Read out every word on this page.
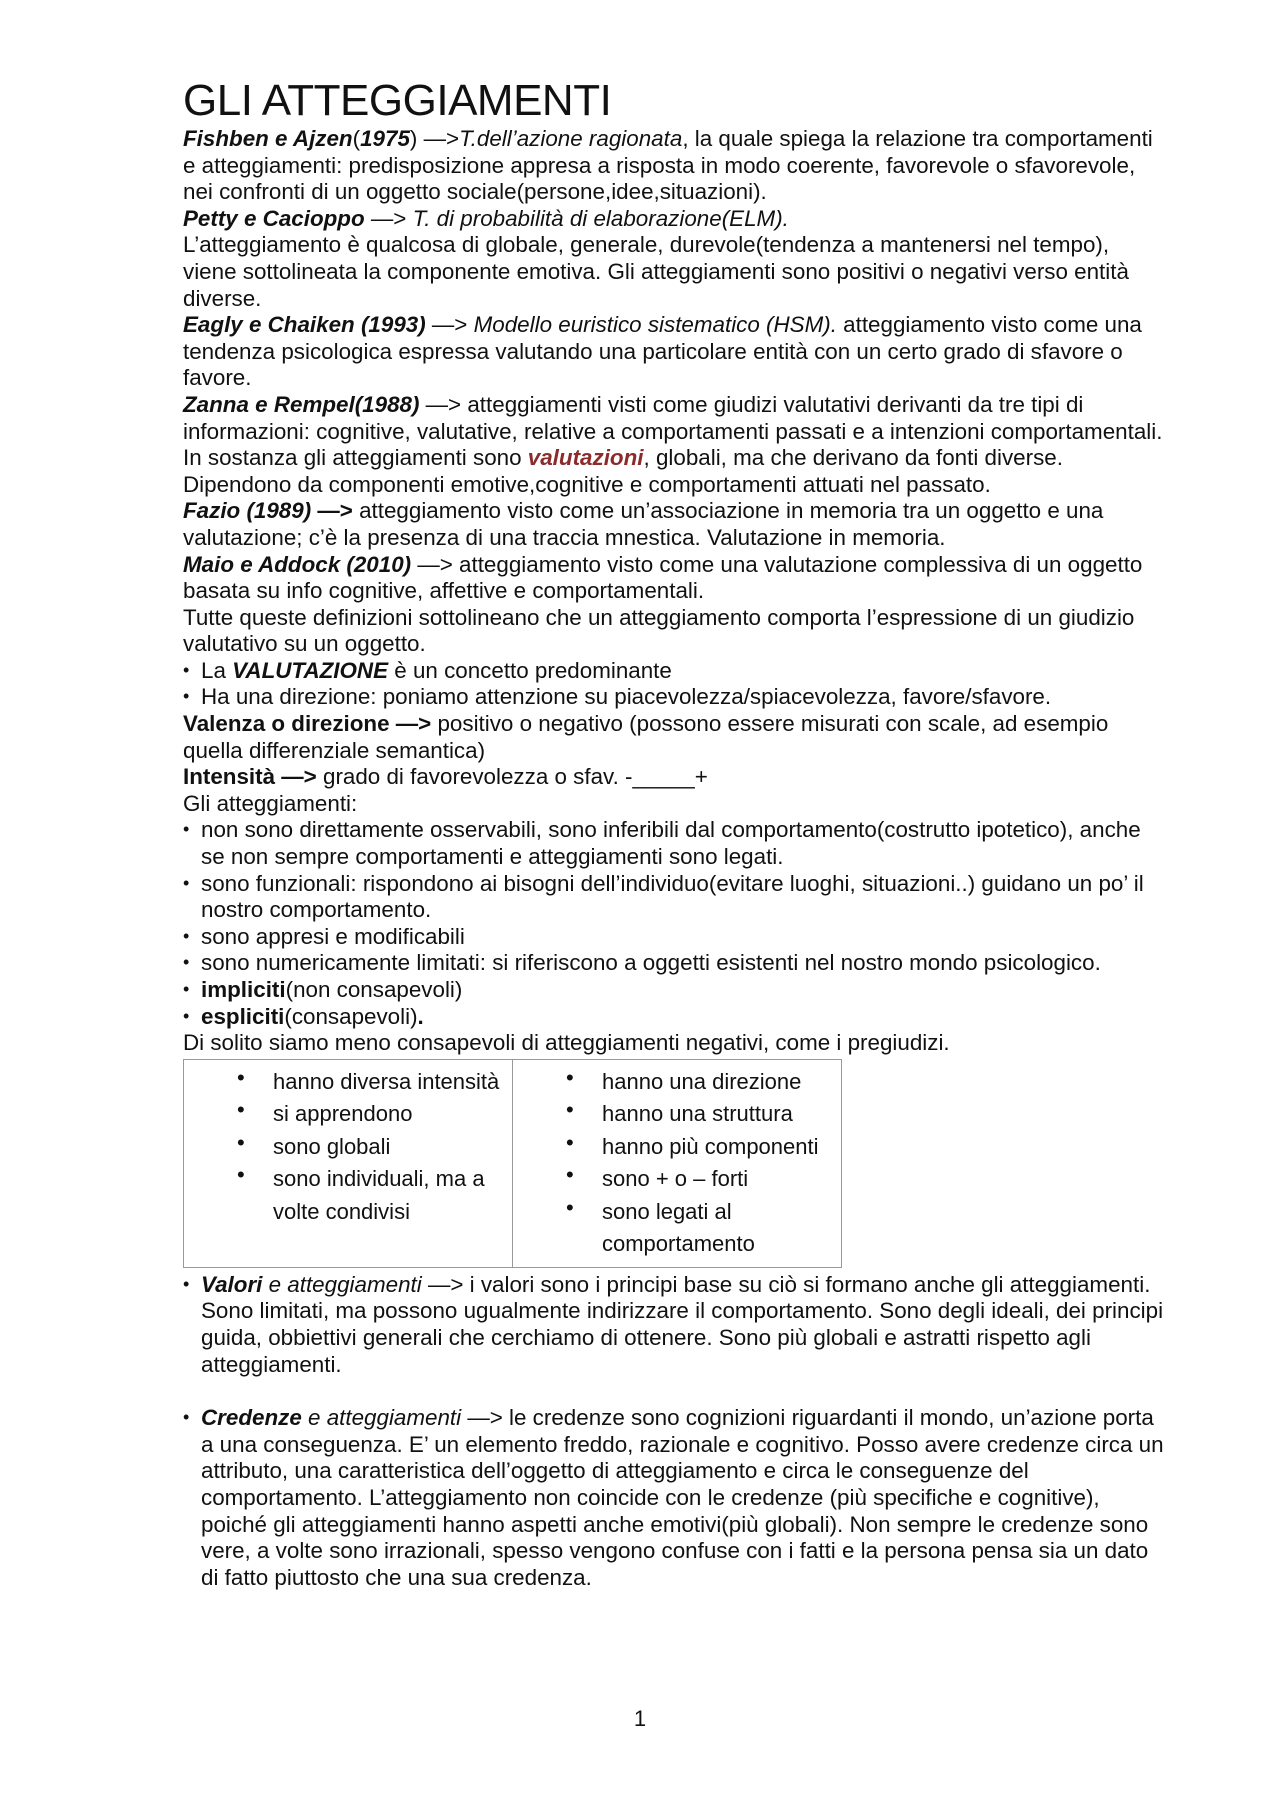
GLI ATTEGGIAMENTI

Fishben e Ajzen(1975) —>T.dell’azione ragionata, la quale spiega la relazione tra comportamenti e atteggiamenti: predisposizione appresa a risposta in modo coerente, favorevole o sfavorevole, nei confronti di un oggetto sociale(persone,idee,situazioni).

Petty e Cacioppo —> T. di probabilità di elaborazione(ELM).

L’atteggiamento è qualcosa di globale, generale, durevole(tendenza a mantenersi nel tempo), viene sottolineata la componente emotiva. Gli atteggiamenti sono positivi o negativi verso entità diverse.

Eagly e Chaiken (1993) —> Modello euristico sistematico (HSM). atteggiamento visto come una tendenza psicologica espressa valutando una particolare entità con un certo grado di sfavore o favore.

Zanna e Rempel(1988) —> atteggiamenti visti come giudizi valutativi derivanti da tre tipi di informazioni: cognitive, valutative, relative a comportamenti passati e a intenzioni comportamentali. In sostanza gli atteggiamenti sono valutazioni, globali, ma che derivano da fonti diverse. Dipendono da componenti emotive,cognitive e comportamenti attuati nel passato.

Fazio (1989) —> atteggiamento visto come un’associazione in memoria tra un oggetto e una valutazione; c’è la presenza di una traccia mnestica. Valutazione in memoria.

Maio e Addock (2010) —> atteggiamento visto come una valutazione complessiva di un oggetto basata su info cognitive, affettive e comportamentali.

Tutte queste definizioni sottolineano che un atteggiamento comporta l’espressione di un giudizio valutativo su un oggetto.

• La VALUTAZIONE è un concetto predominante
• Ha una direzione: poniamo attenzione su piacevolezza/spiacevolezza, favore/sfavore.

Valenza o direzione —> positivo o negativo (possono essere misurati con scale, ad esempio quella differenziale semantica)

Intensità —> grado di favorevolezza o sfav. -_____+

Gli atteggiamenti:

• non sono direttamente osservabili, sono inferibili dal comportamento(costrutto ipotetico), anche se non sempre comportamenti e atteggiamenti sono legati.
• sono funzionali: rispondono ai bisogni dell’individuo(evitare luoghi, situazioni..) guidano un po’ il nostro comportamento.
• sono appresi e modificabili
• sono numericamente limitati: si riferiscono a oggetti esistenti nel nostro mondo psicologico.
• impliciti(non consapevoli)
• espliciti(consapevoli).

Di solito siamo meno consapevoli di atteggiamenti negativi, come i pregiudizi.

• hanno diversa intensità
• si apprendono
• sono globali
• sono individuali, ma a volte condivisi

• hanno una direzione
• hanno una struttura
• hanno più componenti
• sono + o – forti
• sono legati al comportamento
• Valori e atteggiamenti —> i valori sono i principi base su ciò si formano anche gli atteggiamenti. Sono limitati, ma possono ugualmente indirizzare il comportamento. Sono degli ideali, dei principi guida, obbiettivi generali che cerchiamo di ottenere. Sono più globali e astratti rispetto agli atteggiamenti.
• Credenze e atteggiamenti —> le credenze sono cognizioni riguardanti il mondo, un’azione porta a una conseguenza. E’ un elemento freddo, razionale e cognitivo. Posso avere credenze circa un attributo, una caratteristica dell’oggetto di atteggiamento e circa le conseguenze del comportamento. L’atteggiamento non coincide con le credenze (più specifiche e cognitive), poiché gli atteggiamenti hanno aspetti anche emotivi(più globali). Non sempre le credenze sono vere, a volte sono irrazionali, spesso vengono confuse con i fatti e la persona pensa sia un dato di fatto piuttosto che una sua credenza.
1
